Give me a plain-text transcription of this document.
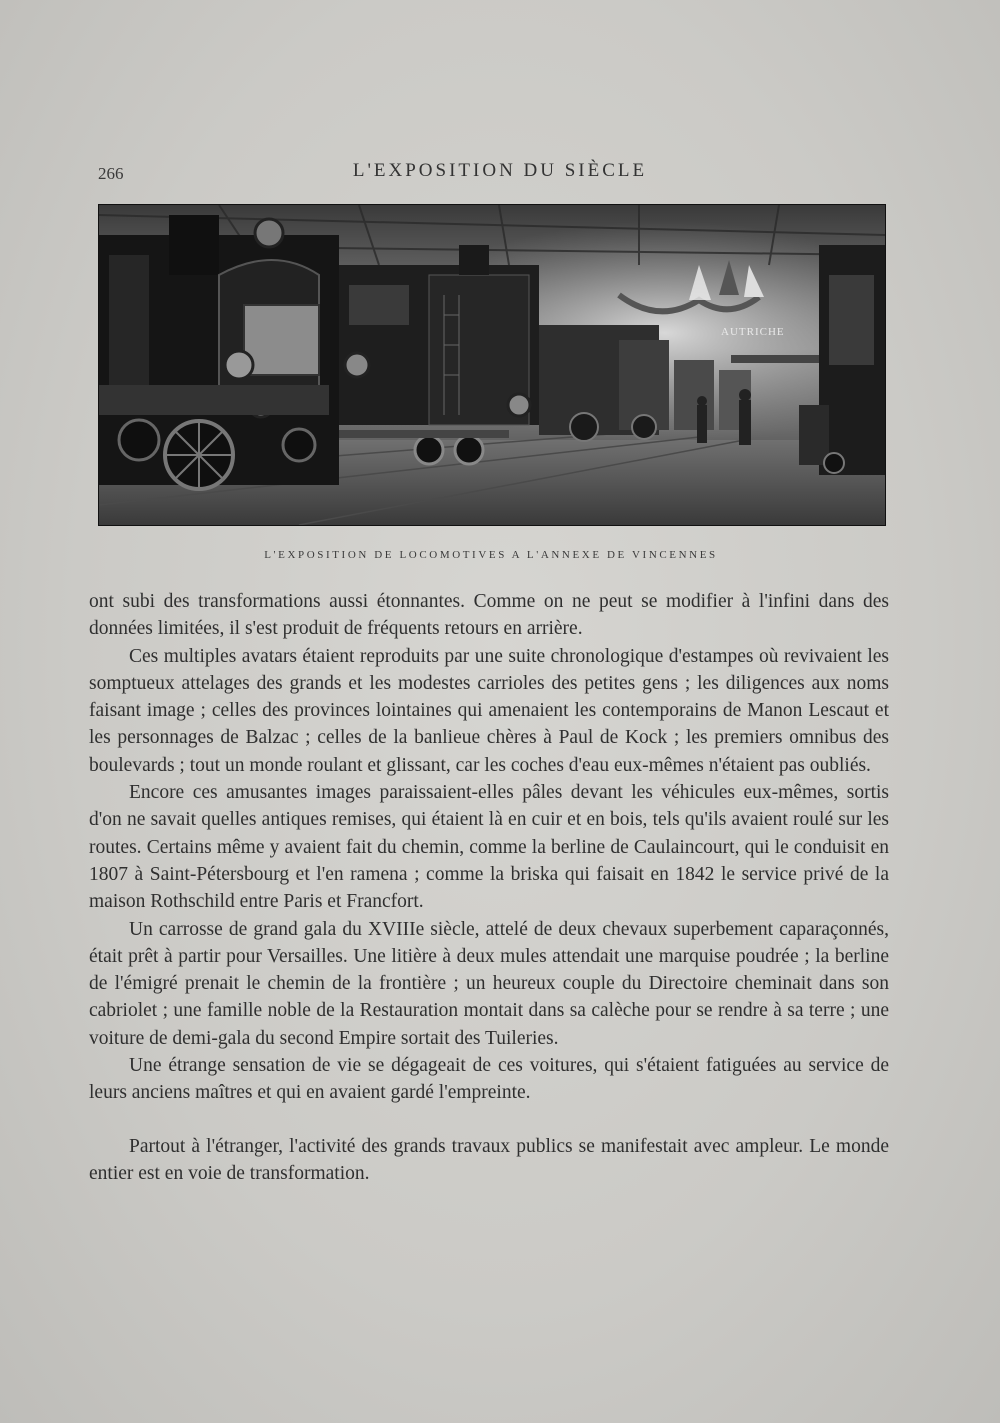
266	L'EXPOSITION DU SIÈCLE
AUTRICHE
L'EXPOSITION DE LOCOMOTIVES A L'ANNEXE DE VINCENNES

ont subi des transformations aussi étonnantes. Comme on ne peut se modifier à l'infini dans des données limitées, il s'est produit de fréquents retours en arrière.

Ces multiples avatars étaient reproduits par une suite chronologique d'estampes où revivaient les somptueux attelages des grands et les modestes carrioles des petites gens ; les diligences aux noms faisant image ; celles des provinces lointaines qui amenaient les contemporains de Manon Lescaut et les personnages de Balzac ; celles de la banlieue chères à Paul de Kock ; les premiers omnibus des boulevards ; tout un monde roulant et glissant, car les coches d'eau eux-mêmes n'étaient pas oubliés.

Encore ces amusantes images paraissaient-elles pâles devant les véhicules eux-mêmes, sortis d'on ne savait quelles antiques remises, qui étaient là en cuir et en bois, tels qu'ils avaient roulé sur les routes. Certains même y avaient fait du chemin, comme la berline de Caulaincourt, qui le conduisit en 1807 à Saint-Pétersbourg et l'en ramena ; comme la briska qui faisait en 1842 le service privé de la maison Rothschild entre Paris et Francfort.

Un carrosse de grand gala du XVIIIe siècle, attelé de deux chevaux superbement caparaçonnés, était prêt à partir pour Versailles. Une litière à deux mules attendait une marquise poudrée ; la berline de l'émigré prenait le chemin de la frontière ; un heureux couple du Directoire cheminait dans son cabriolet ; une famille noble de la Restauration montait dans sa calèche pour se rendre à sa terre ; une voiture de demi-gala du second Empire sortait des Tuileries.

Une étrange sensation de vie se dégageait de ces voitures, qui s'étaient fatiguées au service de leurs anciens maîtres et qui en avaient gardé l'empreinte.

Partout à l'étranger, l'activité des grands travaux publics se manifestait avec ampleur. Le monde entier est en voie de transformation.
